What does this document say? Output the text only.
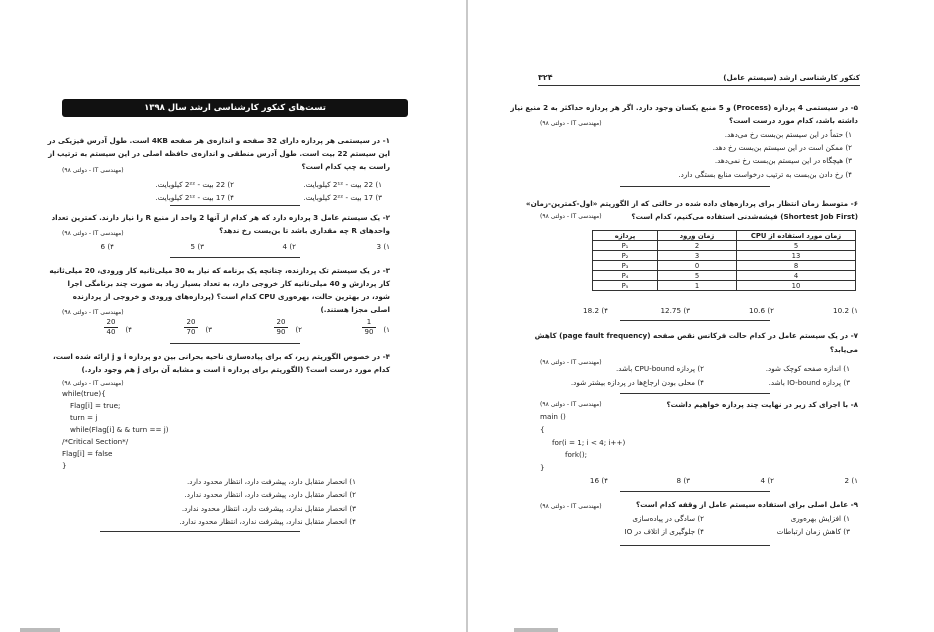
تست‌های کنکور کارشناسی ارشد سال ۱۳۹۸
۱- در سیستمی هر پردازه دارای 32 صفحه و اندازه‌ی هر صفحه 4KB است. طول آدرس فیزیکی در
این سیستم 22 بیت است. طول آدرس منطقی و اندازه‌ی حافظه اصلی در این سیستم به ترتیب از
راست به چپ کدام است؟
(مهندسی IT - دولتی ۹۸)
۱) 22 بیت - 2¹² کیلوبایت.
۲) 22 بیت - 2²² کیلوبایت.
۳) 17 بیت - 2²² کیلوبایت.
۴) 17 بیت - 2¹² کیلوبایت.
۲- یک سیستم عامل 3 پردازه دارد که هر کدام از آنها 2 واحد از منبع R را نیاز دارند. کمترین تعداد
واحدهای R چه مقداری باشد تا بن‌بست رخ ندهد؟
(مهندسی IT - دولتی ۹۸)
۱) 3
۲) 4
۳) 5
۴) 6
۳- در یک سیستم تک پردازنده، چنانچه یک برنامه که نیاز به 30 میلی‌ثانیه کار ورودی، 20 میلی‌ثانیه
کار پردازش و 40 میلی‌ثانیه کار خروجی دارد، به تعداد بسیار زیاد به صورت چند برنامگی اجرا
شود، در بهترین حالت، بهره‌وری CPU کدام است؟ (پردازه‌های ورودی و خروجی از پردازنده
اصلی مجزا هستند.)
(مهندسی IT - دولتی ۹۸)
۱)
$\frac{1}{90}$
۲)
$\frac{20}{90}$
۳)
$\frac{20}{70}$
۴)
$\frac{20}{40}$
۴- در خصوص الگوریتم زیر، که برای پیاده‌سازی ناحیه بحرانی بین دو پردازه i و j ارائه شده است،
کدام مورد درست است؟ (الگوریتم برای پردازه i است و مشابه آن برای j هم وجود دارد.)
(مهندسی IT - دولتی ۹۸)
while(true){
Flag[i] = true;
turn = j
while(Flag[i] & & turn == j)
/*Critical Section*/
Flag[i] = false
}
۱) انحصار متقابل دارد، پیشرفت دارد، انتظار محدود دارد.
۲) انحصار متقابل دارد، پیشرفت دارد، انتظار محدود ندارد.
۳) انحصار متقابل ندارد، پیشرفت دارد، انتظار محدود ندارد.
۴) انحصار متقابل ندارد، پیشرفت ندارد، انتظار محدود ندارد.
۳۲۴	کنکور کارشناسی ارشد (سیستم عامل)
۵- در سیستمی 4 پردازه (Process) و 5 منبع یکسان وجود دارد. اگر هر پردازه حداکثر به 2 منبع نیاز
داشته باشد، کدام مورد درست است؟
(مهندسی IT - دولتی ۹۸)
۱) حتماً در این سیستم بن‌بست رخ می‌دهد.
۲) ممکن است در این سیستم بن‌بست رخ دهد.
۳) هیچگاه در این سیستم بن‌بست رخ نمی‌دهد.
۴) رخ دادن بن‌بست به ترتیب درخواست منابع بستگی دارد.
۶- متوسط زمان انتظار برای پردازه‌های داده شده در حالتی که از الگوریتم «اول-کمترین-زمان»
(Shortest Job First) فیشه‌شدنی استفاده می‌کنیم، کدام است؟
(مهندسی IT - دولتی ۹۸)
زمان مورد استفاده از CPU	زمان ورود	پردازه
5	2	P₁
13	3	P₂
8	0	P₃
4	5	P₄
10	1	P₅
۱) 10.2
۲) 10.6
۳) 12.75
۴) 18.2
۷- در یک سیستم عامل در کدام حالت فرکانس نقص صفحه (page fault frequency) کاهش
می‌یابد؟
(مهندسی IT - دولتی ۹۸)
۱) اندازه صفحه کوچک شود.
۲) پردازه CPU-bound باشد.
۳) پردازه IO-bound باشد.
۴) محلی بودن ارجاع‌ها در پردازه بیشتر شود.
۸- با اجرای کد زیر در نهایت چند پردازه خواهیم داشت؟
(مهندسی IT - دولتی ۹۸)
main ()
{
for(i = 1; i < 4; i++)
fork();
}
۱) 2
۲) 4
۳) 8
۴) 16
۹- عامل اصلی برای استفاده سیستم عامل از وقفه کدام است؟
(مهندسی IT - دولتی ۹۸)
۱) افزایش بهره‌وری
۲) سادگی در پیاده‌سازی
۳) کاهش زمان ارتباطات
۴) جلوگیری از اتلاف در IO
